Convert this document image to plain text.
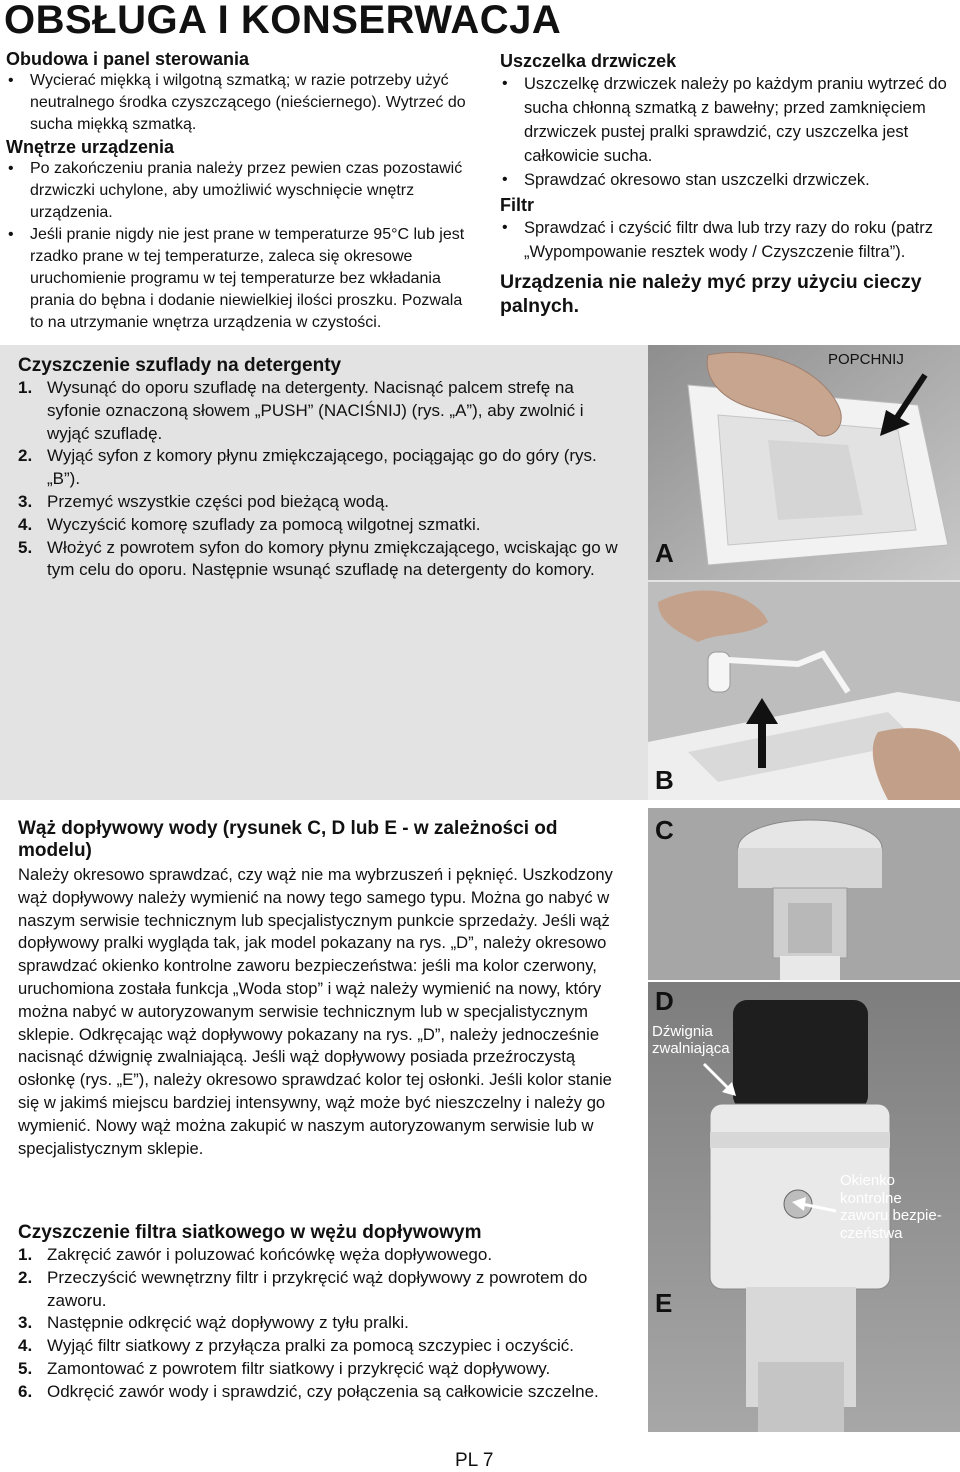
OBSŁUGA I KONSERWACJA

Obudowa i panel sterowania

• Wycierać miękką i wilgotną szmatką; w razie potrzeby użyć neutralnego środka czyszczącego (nieściernego). Wytrzeć do sucha miękką szmatką.

Wnętrze urządzenia

• Po zakończeniu prania należy przez pewien czas pozostawić drzwiczki uchylone, aby umożliwić wyschnięcie wnętrz urządzenia.
• Jeśli pranie nigdy nie jest prane w temperaturze 95°C lub jest rzadko prane w tej temperaturze, zaleca się okresowe uruchomienie programu w tej temperaturze bez wkładania prania do bębna i dodanie niewielkiej ilości proszku. Pozwala to na utrzymanie wnętrza urządzenia w czystości.

Uszczelka drzwiczek

• Uszczelkę drzwiczek należy po każdym praniu wytrzeć do sucha chłonną szmatką z bawełny; przed zamknięciem drzwiczek pustej pralki sprawdzić, czy uszczelka jest całkowicie sucha.
• Sprawdzać okresowo stan uszczelki drzwiczek.

Filtr

• Sprawdzać i czyścić filtr dwa lub trzy razy do roku (patrz „Wypompowanie resztek wody / Czyszczenie filtra”).

Urządzenia nie należy myć przy użyciu cieczy palnych.

Czyszczenie szuflady na detergenty

1. Wysunąć do oporu szufladę na detergenty. Nacisnąć palcem strefę na syfonie oznaczoną słowem „PUSH” (NACIŚNIJ) (rys. „A”), aby zwolnić i wyjąć szufladę.
2. Wyjąć syfon z komory płynu zmiękczającego, pociągając go do góry (rys. „B”).
3. Przemyć wszystkie części pod bieżącą wodą.
4. Wyczyścić komorę szuflady za pomocą wilgotnej szmatki.
5. Włożyć z powrotem syfon do komory płynu zmiękczającego, wciskając go w tym celu do oporu. Następnie wsunąć szufladę na detergenty do komory.
POPCHNIJ
A
B

Wąż dopływowy wody (rysunek C, D lub E - w zależności od modelu)

Należy okresowo sprawdzać, czy wąż nie ma wybrzuszeń i pęknięć. Uszkodzony wąż dopływowy należy wymienić na nowy tego samego typu. Można go nabyć w naszym serwisie technicznym lub specjalistycznym punkcie sprzedaży. Jeśli wąż dopływowy pralki wygląda tak, jak model pokazany na rys. „D”, należy okresowo sprawdzać okienko kontrolne zaworu bezpieczeństwa: jeśli ma kolor czerwony, uruchomiona została funkcja „Woda stop” i wąż należy wymienić na nowy, który można nabyć w autoryzowanym serwisie technicznym lub w specjalistycznym sklepie. Odkręcając wąż dopływowy pokazany na rys. „D”, należy jednocześnie nacisnąć dźwignię zwalniającą. Jeśli wąż dopływowy posiada przeźroczystą osłonkę (rys. „E”), należy okresowo sprawdzać kolor tej osłonki. Jeśli kolor stanie się w jakimś miejscu bardziej intensywny, wąż może być nieszczelny i należy go wymienić. Nowy wąż można zakupić w naszym autoryzowanym serwisie lub w specjalistycznym sklepie.

Czyszczenie filtra siatkowego w wężu dopływowym

1. Zakręcić zawór i poluzować końcówkę węża dopływowego.
2. Przeczyścić wewnętrzny filtr i przykręcić wąż dopływowy z powrotem do zaworu.
3. Następnie odkręcić wąż dopływowy z tyłu pralki.
4. Wyjąć filtr siatkowy z przyłącza pralki za pomocą szczypiec i oczyścić.
5. Zamontować z powrotem filtr siatkowy i przykręcić wąż dopływowy.
6. Odkręcić zawór wody i sprawdzić, czy połączenia są całkowicie szczelne.
C
D
Dźwignia zwalniająca
Okienko kontrolne zaworu bezpie-czeństwa
E
PL 7
